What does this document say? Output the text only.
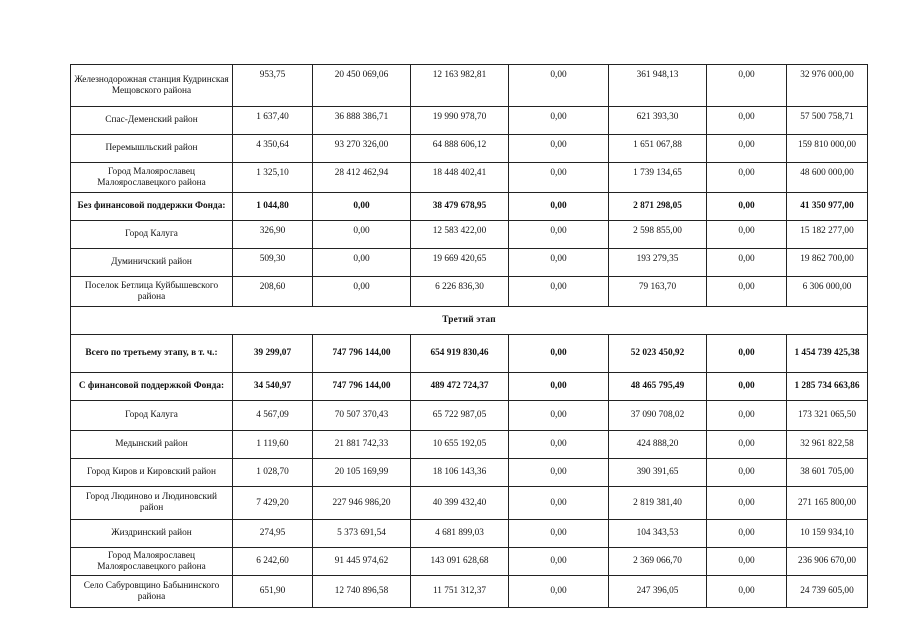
Железнодорожная станция Кудринская Мещовского района	953,75	20 450 069,06	12 163 982,81	0,00	361 948,13	0,00	32 976 000,00
Спас-Деменский район	1 637,40	36 888 386,71	19 990 978,70	0,00	621 393,30	0,00	57 500 758,71
Перемышльский район	4 350,64	93 270 326,00	64 888 606,12	0,00	1 651 067,88	0,00	159 810 000,00
Город Малоярославец Малоярославецкого района	1 325,10	28 412 462,94	18 448 402,41	0,00	1 739 134,65	0,00	48 600 000,00
Без финансовой поддержки Фонда:	1 044,80	0,00	38 479 678,95	0,00	2 871 298,05	0,00	41 350 977,00
Город Калуга	326,90	0,00	12 583 422,00	0,00	2 598 855,00	0,00	15 182 277,00
Думиничский район	509,30	0,00	19 669 420,65	0,00	193 279,35	0,00	19 862 700,00
Поселок Бетлица Куйбышевского района	208,60	0,00	6 226 836,30	0,00	79 163,70	0,00	6 306 000,00
Третий этап							
Всего по третьему этапу, в т. ч.:	39 299,07	747 796 144,00	654 919 830,46	0,00	52 023 450,92	0,00	1 454 739 425,38
С финансовой поддержкой Фонда:	34 540,97	747 796 144,00	489 472 724,37	0,00	48 465 795,49	0,00	1 285 734 663,86
Город Калуга	4 567,09	70 507 370,43	65 722 987,05	0,00	37 090 708,02	0,00	173 321 065,50
Медынский район	1 119,60	21 881 742,33	10 655 192,05	0,00	424 888,20	0,00	32 961 822,58
Город Киров и Кировский район	1 028,70	20 105 169,99	18 106 143,36	0,00	390 391,65	0,00	38 601 705,00
Город Людиново и Людиновский район	7 429,20	227 946 986,20	40 399 432,40	0,00	2 819 381,40	0,00	271 165 800,00
Жиздринский район	274,95	5 373 691,54	4 681 899,03	0,00	104 343,53	0,00	10 159 934,10
Город Малоярославец Малоярославецкого района	6 242,60	91 445 974,62	143 091 628,68	0,00	2 369 066,70	0,00	236 906 670,00
Село Сабуровщино Бабынинского района	651,90	12 740 896,58	11 751 312,37	0,00	247 396,05	0,00	24 739 605,00
